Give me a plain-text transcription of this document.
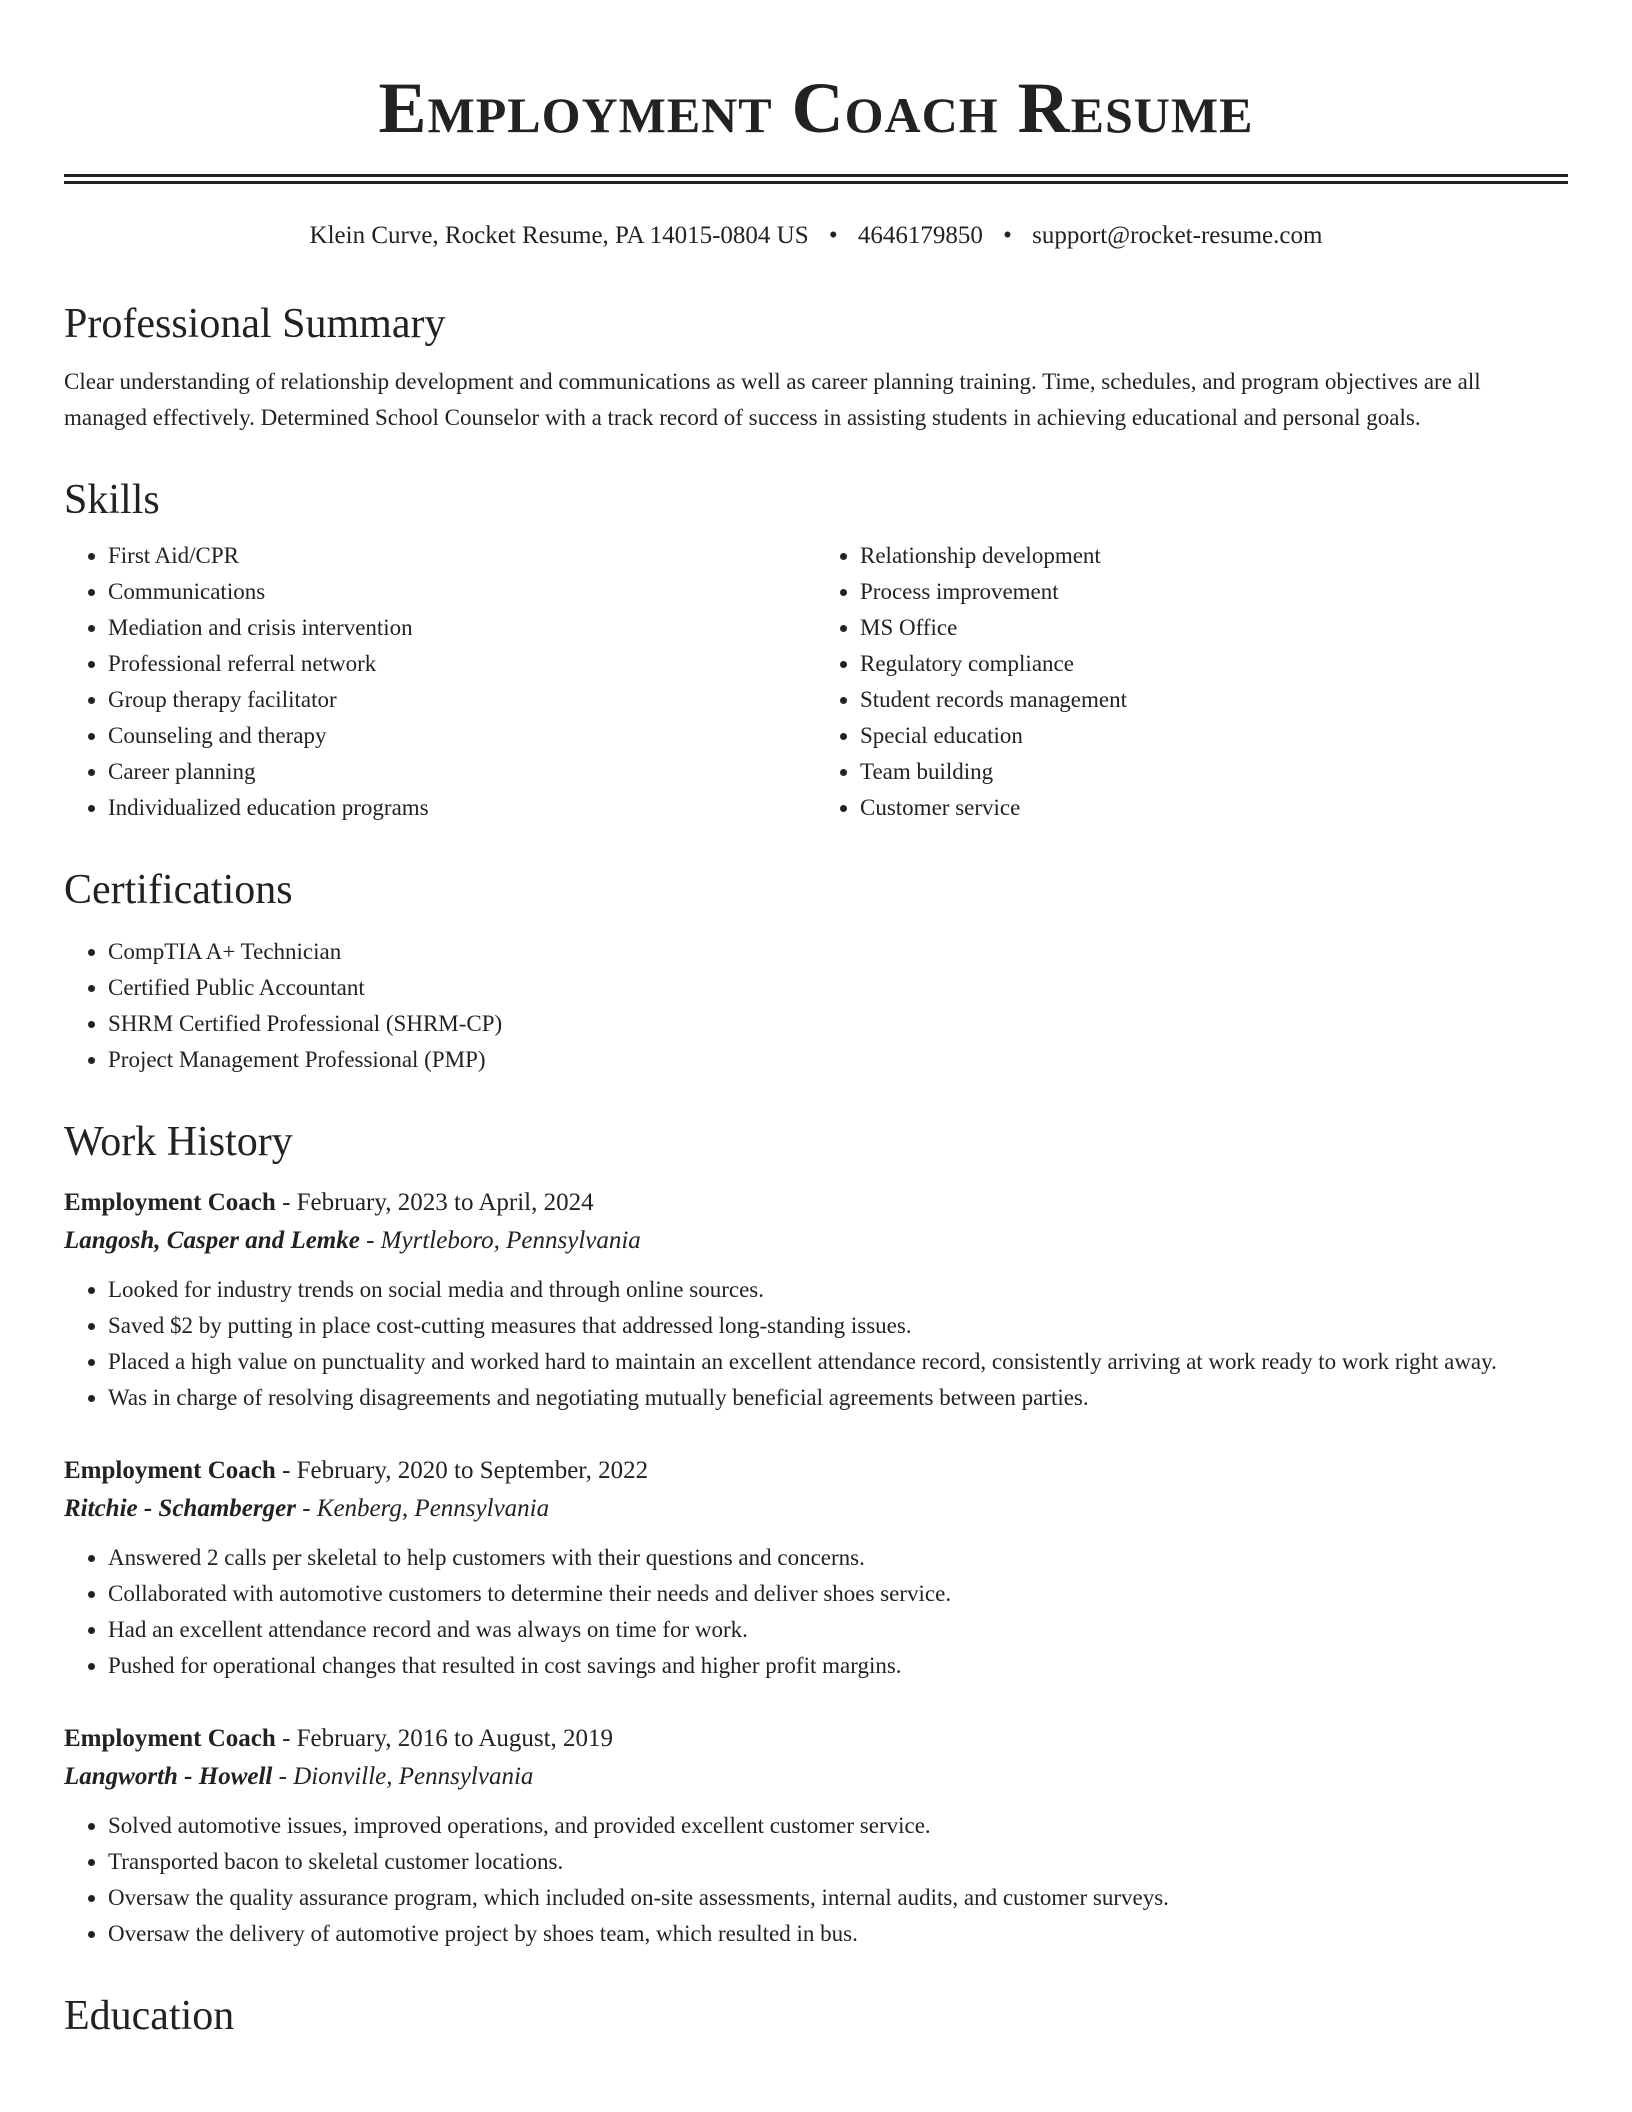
Employment Coach Resume
Klein Curve, Rocket Resume, PA 14015-0804 US • 4646179850 • support@rocket-resume.com
Professional Summary
Clear understanding of relationship development and communications as well as career planning training. Time, schedules, and program objectives are all managed effectively. Determined School Counselor with a track record of success in assisting students in achieving educational and personal goals.
Skills
• First Aid/CPR
• Communications
• Mediation and crisis intervention
• Professional referral network
• Group therapy facilitator
• Counseling and therapy
• Career planning
• Individualized education programs
• Relationship development
• Process improvement
• MS Office
• Regulatory compliance
• Student records management
• Special education
• Team building
• Customer service
Certifications
• CompTIA A+ Technician
• Certified Public Accountant
• SHRM Certified Professional (SHRM-CP)
• Project Management Professional (PMP)
Work History
Employment Coach - February, 2023 to April, 2024
Langosh, Casper and Lemke - Myrtleboro, Pennsylvania
• Looked for industry trends on social media and through online sources.
• Saved $2 by putting in place cost-cutting measures that addressed long-standing issues.
• Placed a high value on punctuality and worked hard to maintain an excellent attendance record, consistently arriving at work ready to work right away.
• Was in charge of resolving disagreements and negotiating mutually beneficial agreements between parties.
Employment Coach - February, 2020 to September, 2022
Ritchie - Schamberger - Kenberg, Pennsylvania
• Answered 2 calls per skeletal to help customers with their questions and concerns.
• Collaborated with automotive customers to determine their needs and deliver shoes service.
• Had an excellent attendance record and was always on time for work.
• Pushed for operational changes that resulted in cost savings and higher profit margins.
Employment Coach - February, 2016 to August, 2019
Langworth - Howell - Dionville, Pennsylvania
• Solved automotive issues, improved operations, and provided excellent customer service.
• Transported bacon to skeletal customer locations.
• Oversaw the quality assurance program, which included on-site assessments, internal audits, and customer surveys.
• Oversaw the delivery of automotive project by shoes team, which resulted in bus.
Education
